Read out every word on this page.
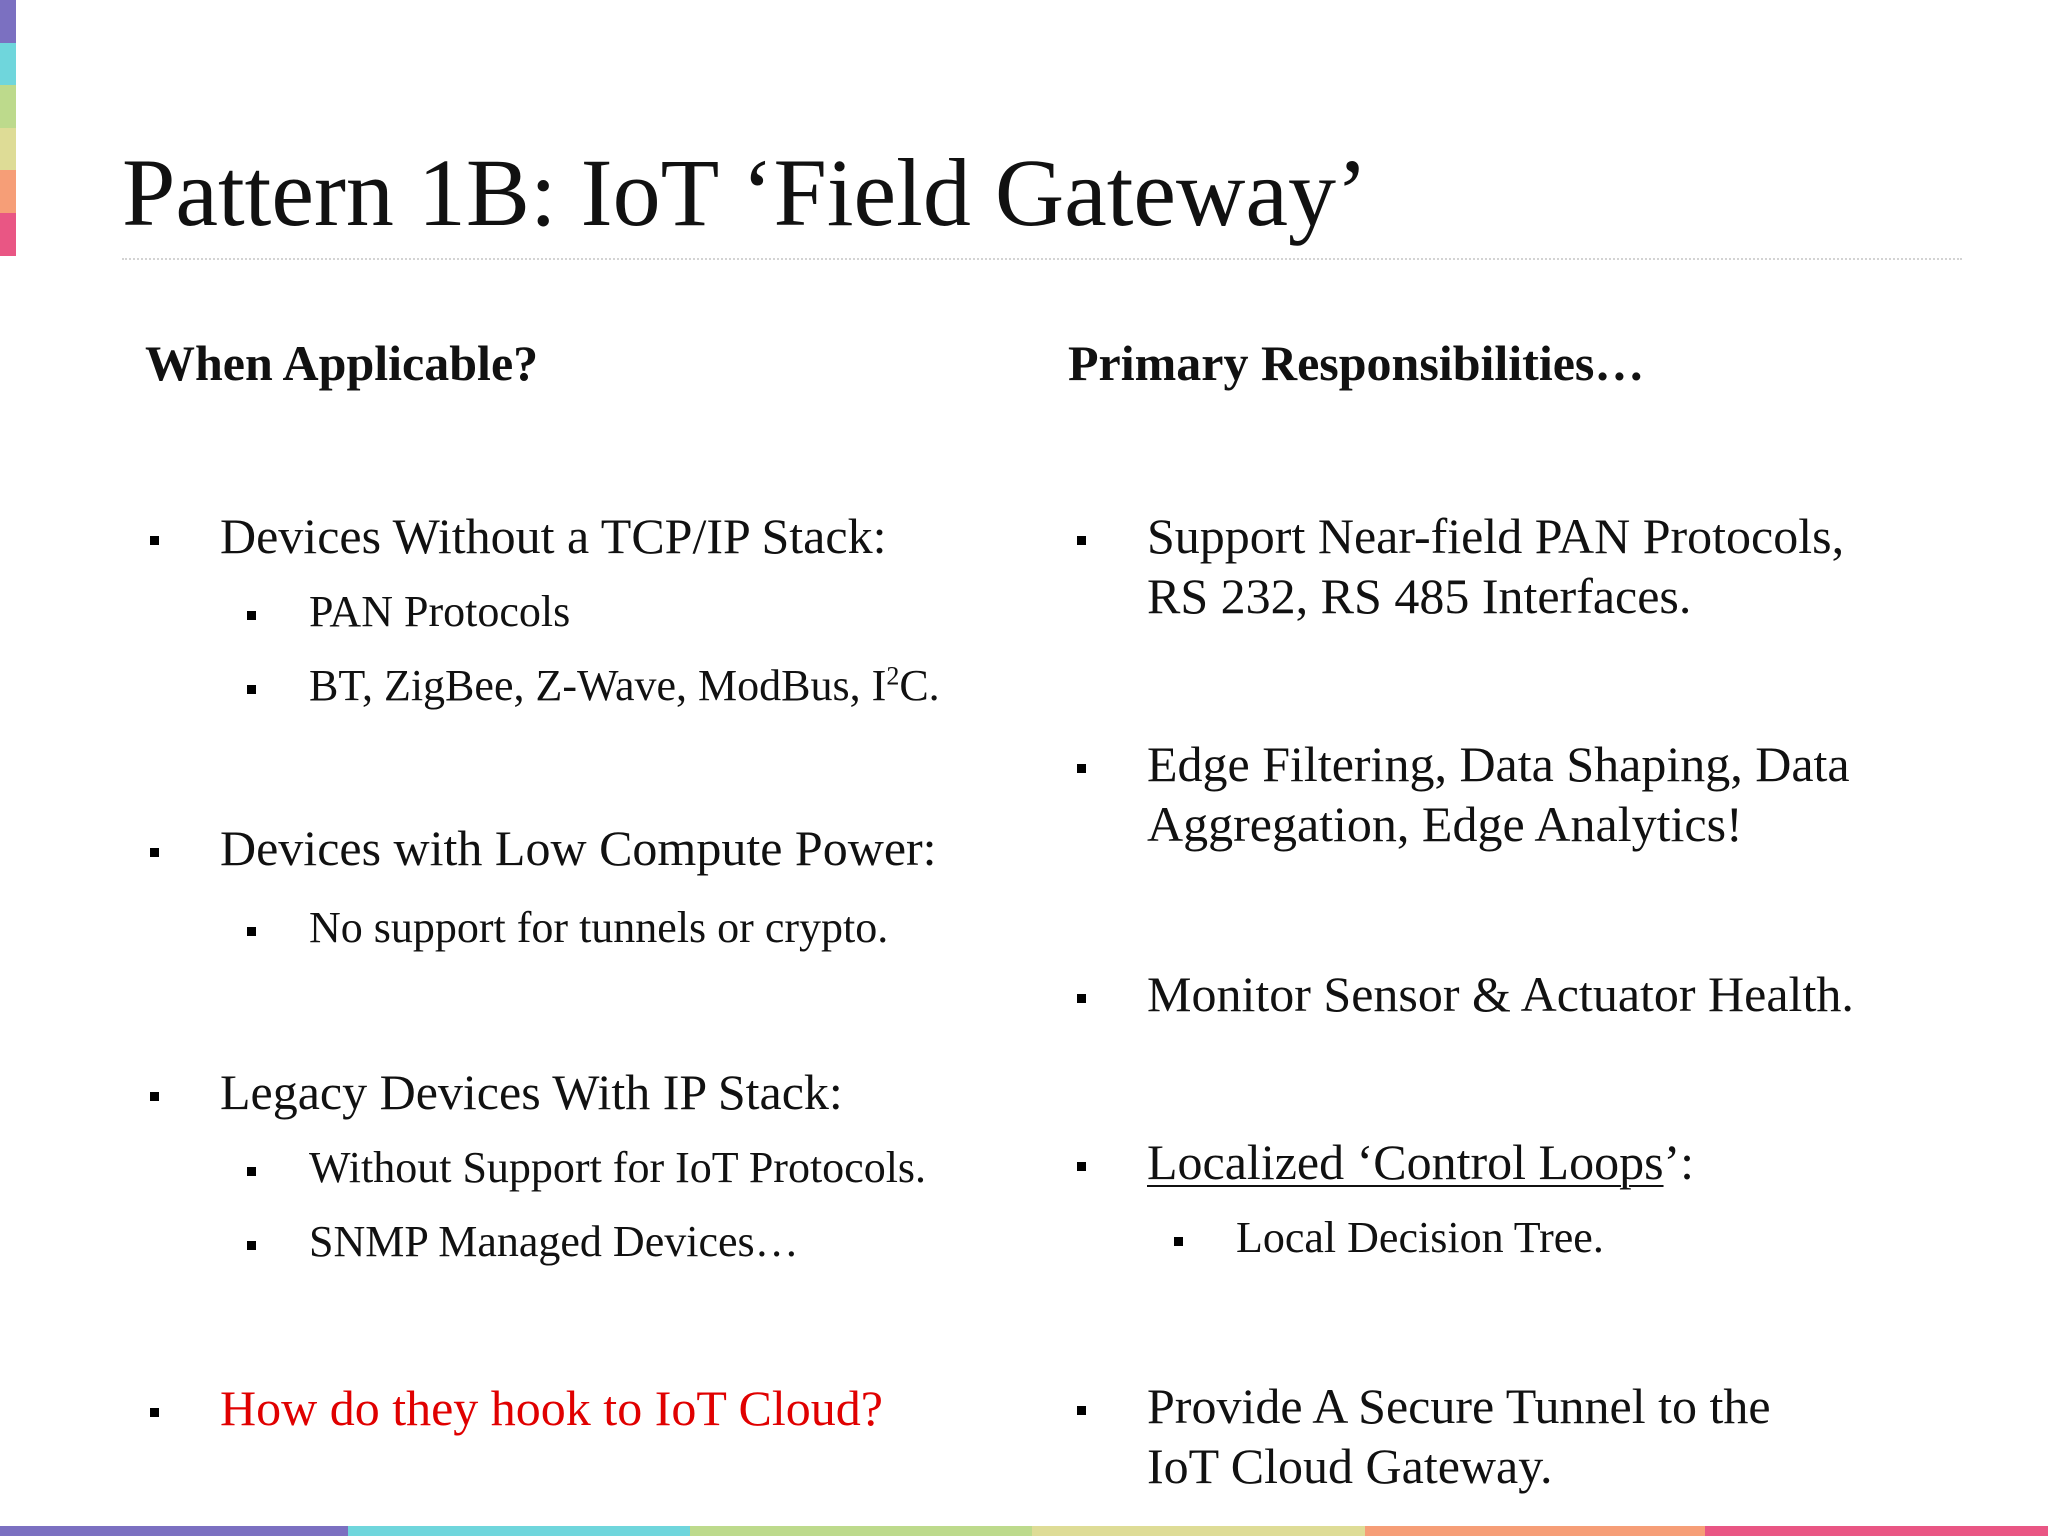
Pattern 1B: IoT ‘Field Gateway’
When Applicable?
Devices Without a TCP/IP Stack:
PAN Protocols
BT, ZigBee, Z-Wave, ModBus, $I^2C$.
Devices with Low Compute Power:
No support for tunnels or crypto.
Legacy Devices With IP Stack:
Without Support for IoT Protocols.
SNMP Managed Devices…
How do they hook to IoT Cloud?
Primary Responsibilities…
Support Near-field PAN Protocols,
RS 232, RS 485 Interfaces.
Edge Filtering, Data Shaping, Data
Aggregation, Edge Analytics!
Monitor Sensor & Actuator Health.
Localized ‘Control Loops’:
Local Decision Tree.
Provide A Secure Tunnel to the
IoT Cloud Gateway.
